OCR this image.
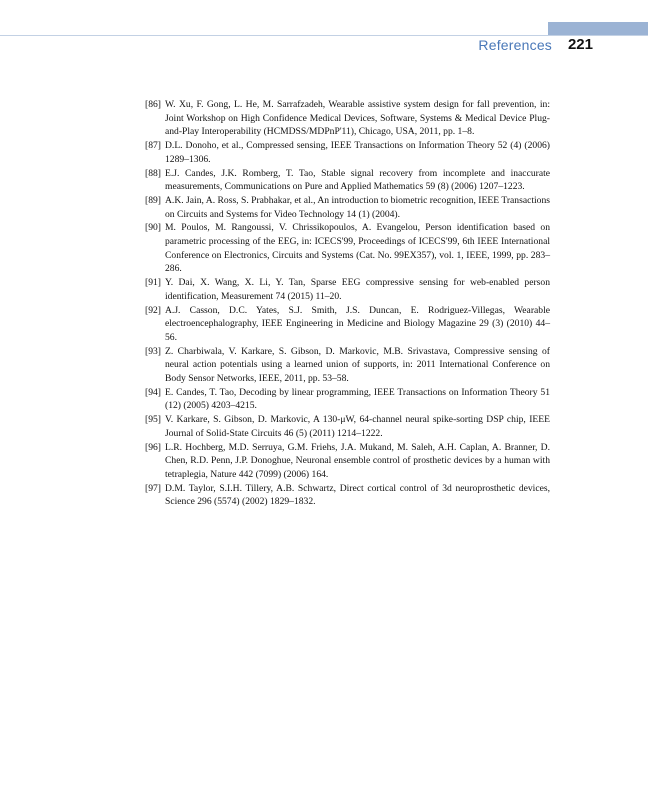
References 221
[86] W. Xu, F. Gong, L. He, M. Sarrafzadeh, Wearable assistive system design for fall prevention, in: Joint Workshop on High Confidence Medical Devices, Software, Systems & Medical Device Plug-and-Play Interoperability (HCMDSS/MDPnP'11), Chicago, USA, 2011, pp. 1–8.
[87] D.L. Donoho, et al., Compressed sensing, IEEE Transactions on Information Theory 52 (4) (2006) 1289–1306.
[88] E.J. Candes, J.K. Romberg, T. Tao, Stable signal recovery from incomplete and inaccurate measurements, Communications on Pure and Applied Mathematics 59 (8) (2006) 1207–1223.
[89] A.K. Jain, A. Ross, S. Prabhakar, et al., An introduction to biometric recognition, IEEE Transactions on Circuits and Systems for Video Technology 14 (1) (2004).
[90] M. Poulos, M. Rangoussi, V. Chrissikopoulos, A. Evangelou, Person identification based on parametric processing of the EEG, in: ICECS'99, Proceedings of ICECS'99, 6th IEEE International Conference on Electronics, Circuits and Systems (Cat. No. 99EX357), vol. 1, IEEE, 1999, pp. 283–286.
[91] Y. Dai, X. Wang, X. Li, Y. Tan, Sparse EEG compressive sensing for web-enabled person identification, Measurement 74 (2015) 11–20.
[92] A.J. Casson, D.C. Yates, S.J. Smith, J.S. Duncan, E. Rodriguez-Villegas, Wearable electroencephalography, IEEE Engineering in Medicine and Biology Magazine 29 (3) (2010) 44–56.
[93] Z. Charbiwala, V. Karkare, S. Gibson, D. Markovic, M.B. Srivastava, Compressive sensing of neural action potentials using a learned union of supports, in: 2011 International Conference on Body Sensor Networks, IEEE, 2011, pp. 53–58.
[94] E. Candes, T. Tao, Decoding by linear programming, IEEE Transactions on Information Theory 51 (12) (2005) 4203–4215.
[95] V. Karkare, S. Gibson, D. Markovic, A 130-μW, 64-channel neural spike-sorting DSP chip, IEEE Journal of Solid-State Circuits 46 (5) (2011) 1214–1222.
[96] L.R. Hochberg, M.D. Serruya, G.M. Friehs, J.A. Mukand, M. Saleh, A.H. Caplan, A. Branner, D. Chen, R.D. Penn, J.P. Donoghue, Neuronal ensemble control of prosthetic devices by a human with tetraplegia, Nature 442 (7099) (2006) 164.
[97] D.M. Taylor, S.I.H. Tillery, A.B. Schwartz, Direct cortical control of 3d neuroprosthetic devices, Science 296 (5574) (2002) 1829–1832.
